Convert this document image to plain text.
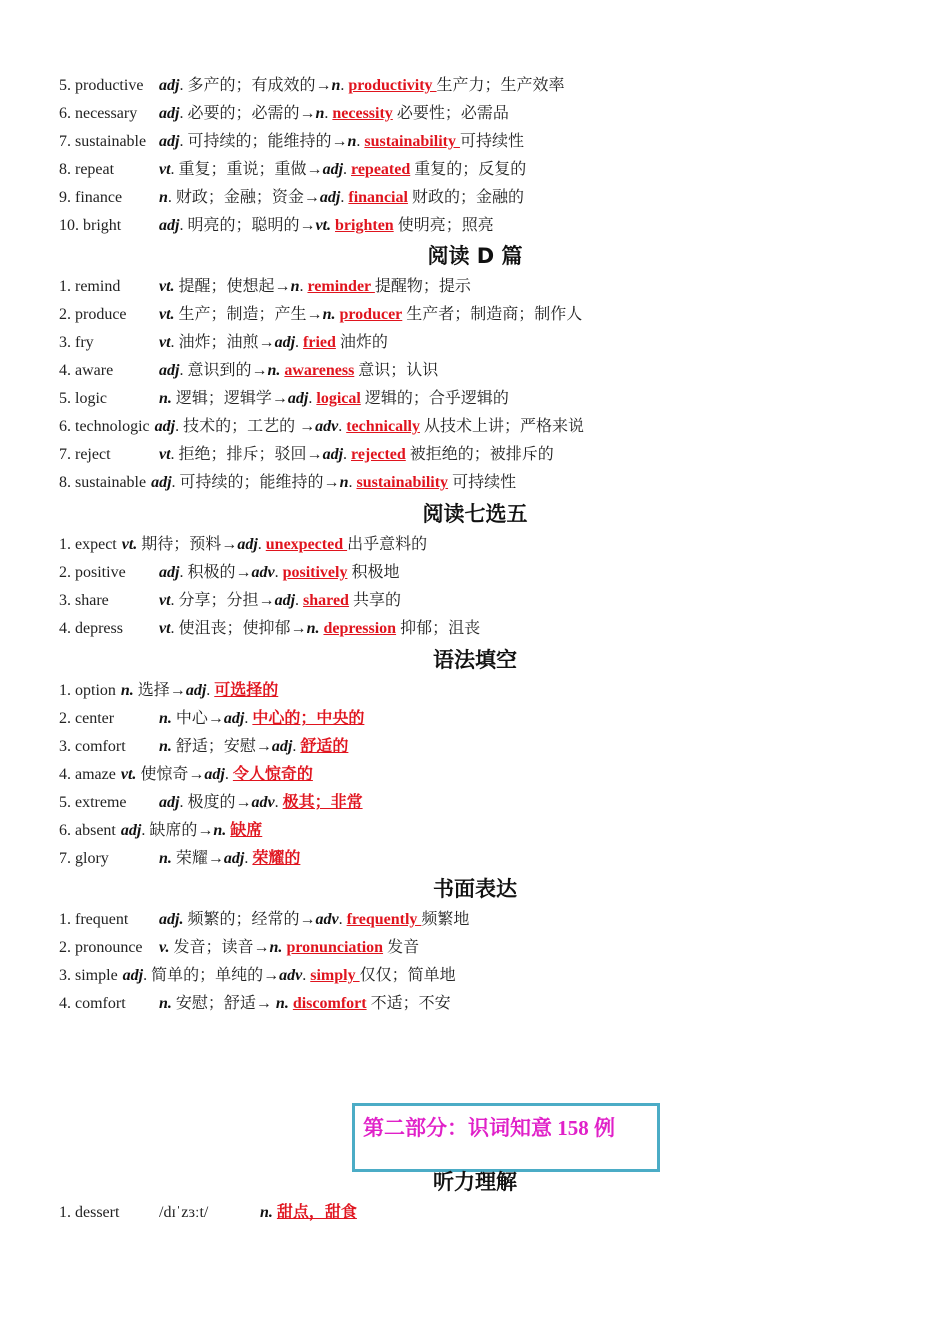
5. productive adj. 多产的；有成效的→n. productivity 生产力；生产效率
6. necessary adj. 必要的；必需的→n. necessity 必要性；必需品
7. sustainable adj. 可持续的；能维持的→n. sustainability 可持续性
8. repeat	vt. 重复；重说；重做→adj. repeated 重复的；反复的
9. finance n. 财政；金融；资金→adj. financial 财政的；金融的
10. bright adj. 明亮的；聪明的→vt. brighten 使明亮；照亮
阅读 D 篇
1. remind vt. 提醒；使想起→n. reminder 提醒物；提示
2. produce vt. 生产；制造；产生→n. producer 生产者；制造商；制作人
3. fry	vt. 油炸；油煎→adj. fried 油炸的
4. aware	adj. 意识到的→n. awareness 意识；认识
5. logic	n. 逻辑；逻辑学→adj. logical 逻辑的；合乎逻辑的
6. technologic adj. 技术的；工艺的 →adv. technically 从技术上讲；严格来说
7. reject	vt. 拒绝；排斥；驳回→adj. rejected 被拒绝的；被排斥的
8. sustainable adj. 可持续的；能维持的→n. sustainability 可持续性
阅读七选五
1. expect vt. 期待；预料→adj. unexpected 出乎意料的
2. positive adj. 积极的→adv. positively 积极地
3. share	vt. 分享；分担→adj. shared 共享的
4. depress vt. 使沮丧；使抑郁→n. depression 抑郁；沮丧
语法填空
1. option n. 选择→adj. 可选择的
2. center	n. 中心→adj. 中心的；中央的
3. comfort n. 舒适；安慰→adj. 舒适的
4. amaze vt. 使惊奇→adj. 令人惊奇的
5. extreme adj. 极度的→adv. 极其；非常
6. absent adj. 缺席的→n. 缺席
7. glory	n. 荣耀→adj. 荣耀的
书面表达
1. frequent adj. 频繁的；经常的→adv. frequently 频繁地
2. pronounce v. 发音；读音→n. pronunciation 发音
3. simple adj. 简单的；单纯的→adv. simply 仅仅；简单地
4. comfort n. 安慰；舒适→ n. discomfort 不适；不安
第二部分：识词知意 158 例
听力理解
1. dessert /dɪˈzɜːt/	n. 甜点，甜食
